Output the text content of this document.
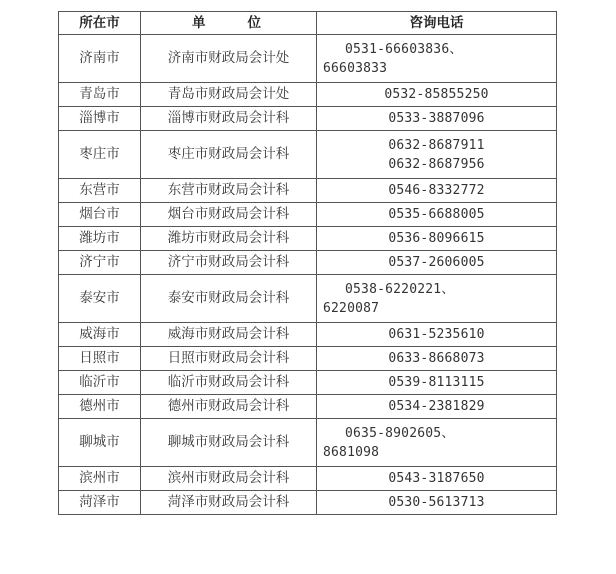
所在市	单位	咨询电话
济南市	济南市财政局会计处	0531-66603836、
66603833

青岛市	青岛市财政局会计处	0532-85855250

淄博市	淄博市财政局会计科	0533-3887096

枣庄市	枣庄市财政局会计科	0632-8687911
0632-8687956

东营市	东营市财政局会计科	0546-8332772

烟台市	烟台市财政局会计科	0535-6688005

潍坊市	潍坊市财政局会计科	0536-8096615

济宁市	济宁市财政局会计科	0537-2606005

泰安市	泰安市财政局会计科	0538-6220221、
6220087

威海市	威海市财政局会计科	0631-5235610

日照市	日照市财政局会计科	0633-8668073

临沂市	临沂市财政局会计科	0539-8113115

德州市	德州市财政局会计科	0534-2381829

聊城市	聊城市财政局会计科	0635-8902605、
8681098

滨州市	滨州市财政局会计科	0543-3187650

菏泽市	菏泽市财政局会计科	0530-5613713
